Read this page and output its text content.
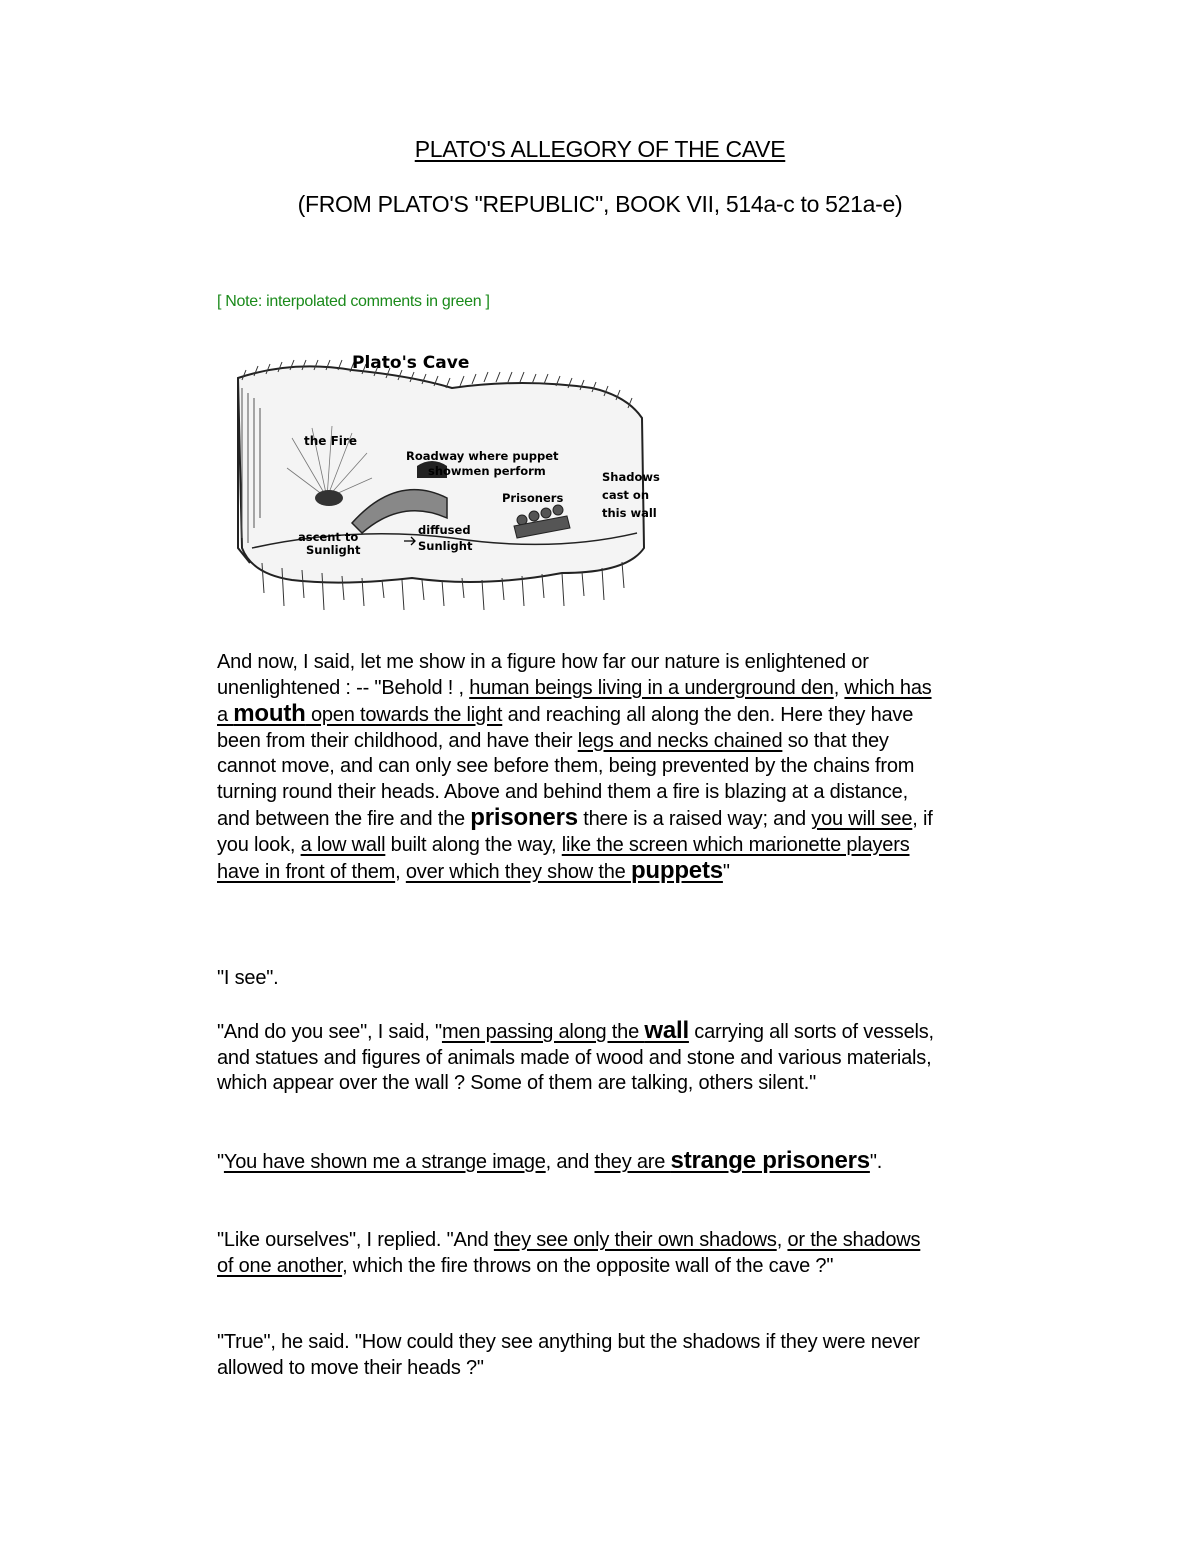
PLATO'S ALLEGORY OF THE CAVE
(FROM PLATO'S "REPUBLIC", BOOK VII, 514a-c to 521a-e)
[ Note: interpolated comments in green ]
Plato's Cave
the Fire
Roadway where puppet
showmen perform
Prisoners
Shadows
cast on
this wall
ascent to
Sunlight
diffused
Sunlight

And now, I said, let me show in a figure how far our nature is enlightened or unenlightened : -- "Behold ! , human beings living in a underground den, which has a mouth open towards the light and reaching all along the den. Here they have been from their childhood, and have their legs and necks chained so that they cannot move, and can only see before them, being prevented by the chains from turning round their heads. Above and behind them a fire is blazing at a distance, and between the fire and the prisoners there is a raised way; and you will see, if you look, a low wall built along the way, like the screen which marionette players have in front of them, over which they show the puppets"

"I see".

"And do you see", I said, "men passing along the wall carrying all sorts of vessels, and statues and figures of animals made of wood and stone and various materials, which appear over the wall ? Some of them are talking, others silent."

"You have shown me a strange image, and they are strange prisoners".

"Like ourselves", I replied. "And they see only their own shadows, or the shadows of one another, which the fire throws on the opposite wall of the cave ?"

"True", he said. "How could they see anything but the shadows if they were never allowed to move their heads ?"
